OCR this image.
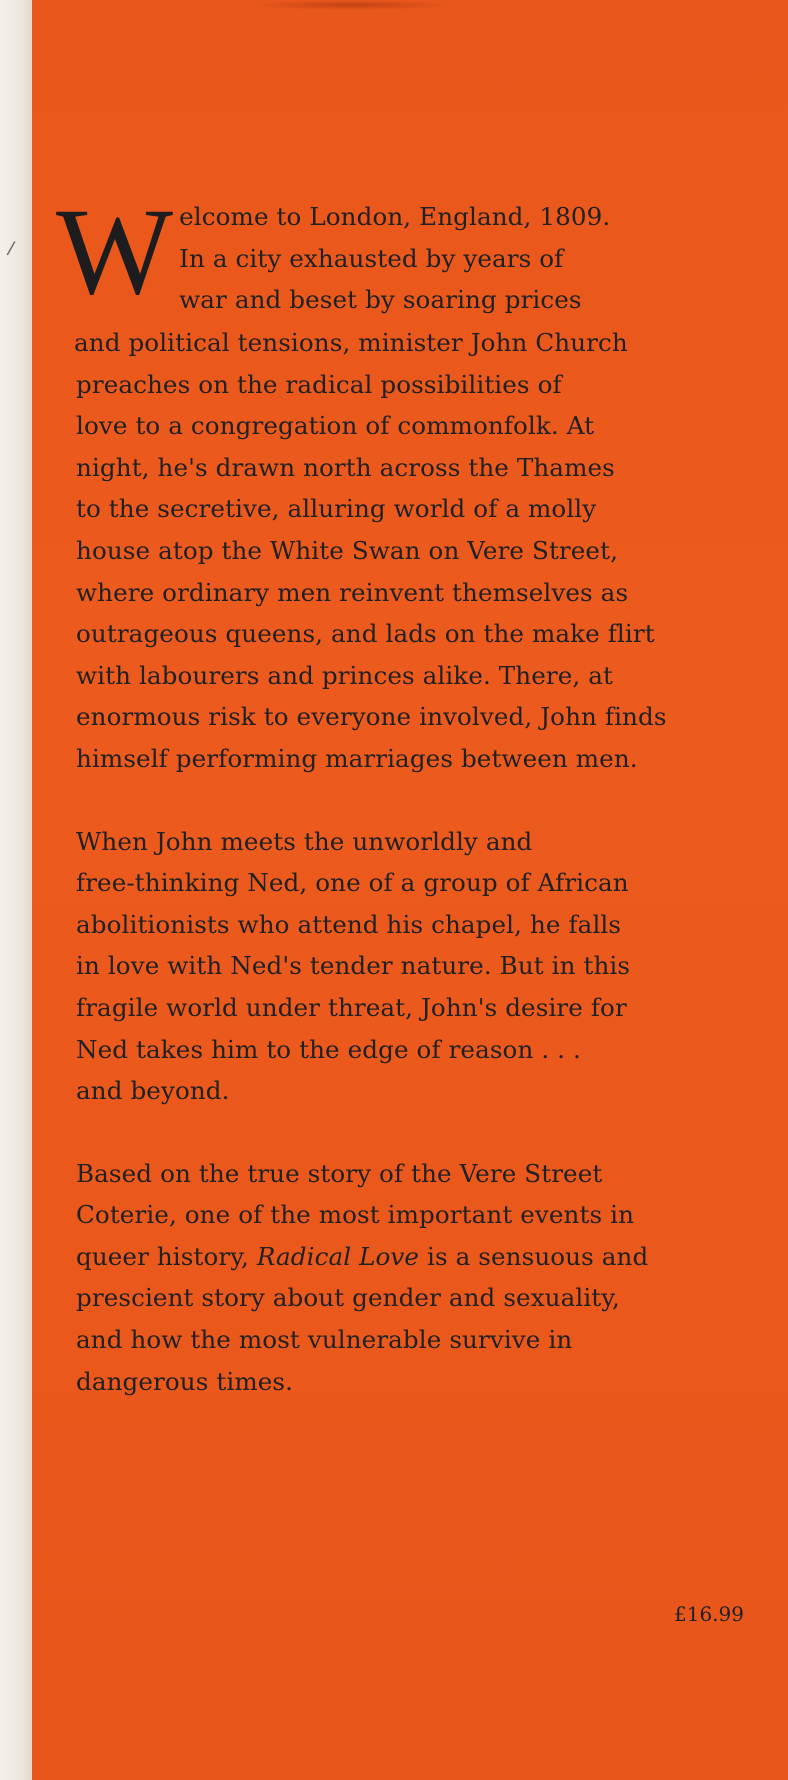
/ W elcome to London, England, 1809.
In a city exhausted by years of
war and beset by soaring prices
and political tensions, minister John Church
preaches on the radical possibilities of
love to a congregation of commonfolk. At
night, he's drawn north across the Thames
to the secretive, alluring world of a molly
house atop the White Swan on Vere Street,
where ordinary men reinvent themselves as
outrageous queens, and lads on the make flirt
with labourers and princes alike. There, at
enormous risk to everyone involved, John finds
himself performing marriages between men.
When John meets the unworldly and
free-thinking Ned, one of a group of African
abolitionists who attend his chapel, he falls
in love with Ned's tender nature. But in this
fragile world under threat, John's desire for
Ned takes him to the edge of reason . . .
and beyond.
Based on the true story of the Vere Street
Coterie, one of the most important events in
queer history, Radical Love is a sensuous and
prescient story about gender and sexuality,
and how the most vulnerable survive in
dangerous times.
£16.99
